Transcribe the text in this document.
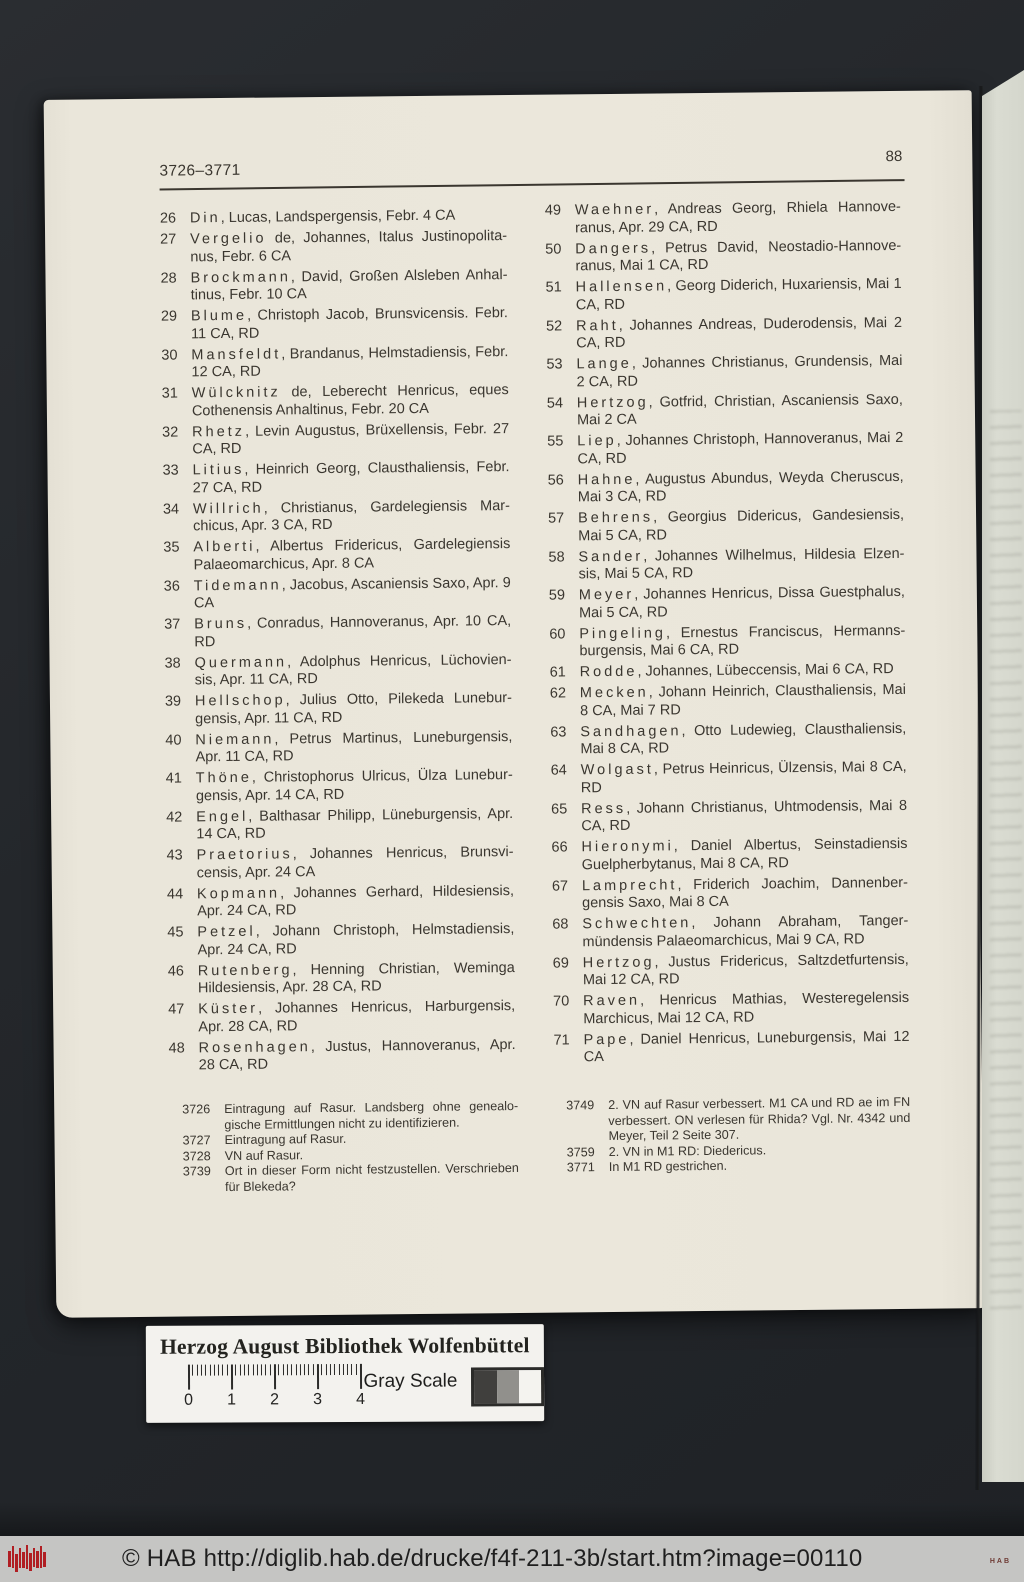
3726–3771
88
26 Din, Lucas, Landspergensis, Febr. 4 CA
27 Vergelio de, Johannes, Italus Justinopolitanus, Febr. 6 CA
28 Brockmann, David, Großen Alsleben Anhaltinus, Febr. 10 CA
29 Blume, Christoph Jacob, Brunsvicensis. Febr. 11 CA, RD
30 Mansfeldt, Brandanus, Helmstadiensis, Febr. 12 CA, RD
31 Wülcknitz de, Leberecht Henricus, eques Cothenensis Anhaltinus, Febr. 20 CA
32 Rhetz, Levin Augustus, Brüxellensis, Febr. 27 CA, RD
33 Litius, Heinrich Georg, Clausthaliensis, Febr. 27 CA, RD
34 Willrich, Christianus, Gardelegiensis Marchicus, Apr. 3 CA, RD
35 Alberti, Albertus Fridericus, Gardelegiensis Palaeomarchicus, Apr. 8 CA
36 Tidemann, Jacobus, Ascaniensis Saxo, Apr. 9 CA
37 Bruns, Conradus, Hannoveranus, Apr. 10 CA, RD
38 Quermann, Adolphus Henricus, Lüchoviensis, Apr. 11 CA, RD
39 Hellschop, Julius Otto, Pilekeda Luneburgensis, Apr. 11 CA, RD
40 Niemann, Petrus Martinus, Luneburgensis, Apr. 11 CA, RD
41 Thöne, Christophorus Ulricus, Ülza Luneburgensis, Apr. 14 CA, RD
42 Engel, Balthasar Philipp, Lüneburgensis, Apr. 14 CA, RD
43 Praetorius, Johannes Henricus, Brunsvicensis, Apr. 24 CA
44 Kopmann, Johannes Gerhard, Hildesiensis, Apr. 24 CA, RD
45 Petzel, Johann Christoph, Helmstadiensis, Apr. 24 CA, RD
46 Rutenberg, Henning Christian, Weminga Hildesiensis, Apr. 28 CA, RD
47 Küster, Johannes Henricus, Harburgensis, Apr. 28 CA, RD
48 Rosenhagen, Justus, Hannoveranus, Apr. 28 CA, RD
49 Waehner, Andreas Georg, Rhiela Hannoveranus, Apr. 29 CA, RD
50 Dangers, Petrus David, Neostadio-Hannoveranus, Mai 1 CA, RD
51 Hallensen, Georg Diderich, Huxariensis, Mai 1 CA, RD
52 Raht, Johannes Andreas, Duderodensis, Mai 2 CA, RD
53 Lange, Johannes Christianus, Grundensis, Mai 2 CA, RD
54 Hertzog, Gotfrid, Christian, Ascaniensis Saxo, Mai 2 CA
55 Liep, Johannes Christoph, Hannoveranus, Mai 2 CA, RD
56 Hahne, Augustus Abundus, Weyda Cheruscus, Mai 3 CA, RD
57 Behrens, Georgius Didericus, Gandesiensis, Mai 5 CA, RD
58 Sander, Johannes Wilhelmus, Hildesia Elzensis, Mai 5 CA, RD
59 Meyer, Johannes Henricus, Dissa Guestphalus, Mai 5 CA, RD
60 Pingeling, Ernestus Franciscus, Hermannsburgensis, Mai 6 CA, RD
61 Rodde, Johannes, Lübeccensis, Mai 6 CA, RD
62 Mecken, Johann Heinrich, Clausthaliensis, Mai 8 CA, Mai 7 RD
63 Sandhagen, Otto Ludewieg, Clausthaliensis, Mai 8 CA, RD
64 Wolgast, Petrus Heinricus, Ülzensis, Mai 8 CA, RD
65 Ress, Johann Christianus, Uhtmodensis, Mai 8 CA, RD
66 Hieronymi, Daniel Albertus, Seinstadiensis Guelpherbytanus, Mai 8 CA, RD
67 Lamprecht, Friderich Joachim, Dannenbergensis Saxo, Mai 8 CA
68 Schwechten, Johann Abraham, Tangermündensis Palaeomarchicus, Mai 9 CA, RD
69 Hertzog, Justus Fridericus, Saltzdetfurtensis, Mai 12 CA, RD
70 Raven, Henricus Mathias, Westeregelensis Marchicus, Mai 12 CA, RD
71 Pape, Daniel Henricus, Luneburgensis, Mai 12 CA
3726	Eintragung auf Rasur. Landsberg ohne genealogische Ermittlungen nicht zu identifizieren.
3727	Eintragung auf Rasur.
3728	VN auf Rasur.
3739	Ort in dieser Form nicht festzustellen. Verschrieben für Blekeda?
3749	2. VN auf Rasur verbessert. M1 CA und RD ae im FN verbessert. ON verlesen für Rhida? Vgl. Nr. 4342 und Meyer, Teil 2 Seite 307.
3759	2. VN in M1 RD: Diedericus.
3771	In M1 RD gestrichen.
Herzog August Bibliothek Wolfenbüttel
0 1 2 3 4
Gray Scale
© HAB http://diglib.hab.de/drucke/f4f-211-3b/start.htm?image=00110	HAB
